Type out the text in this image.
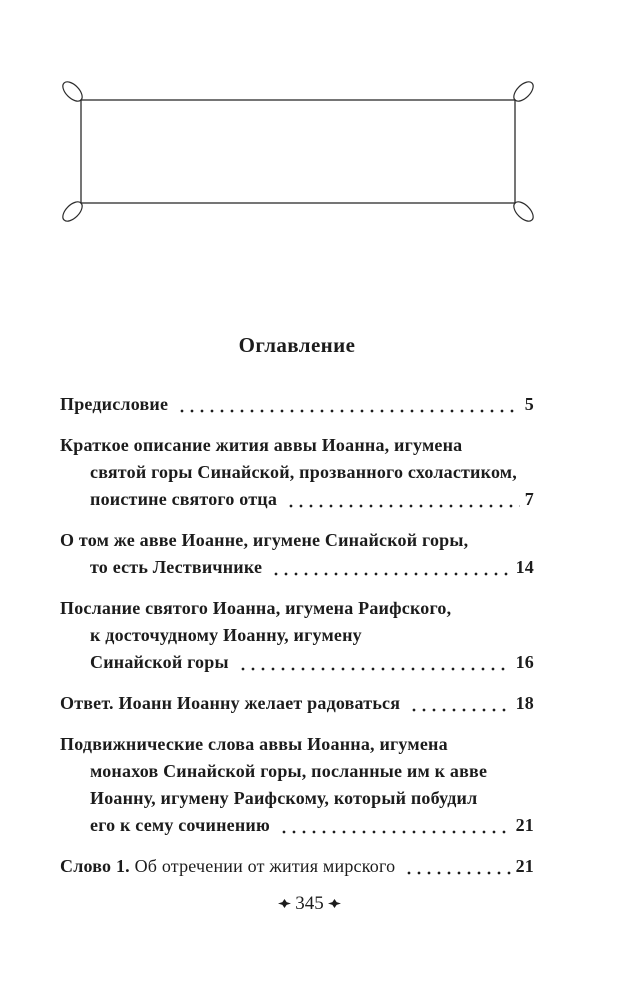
Оглавление
Предисловие	5
Краткое описание жития аввы Иоанна, игумена
святой горы Синайской, прозванного схоластиком,
поистине святого отца	7
О том же авве Иоанне, игумене Синайской горы,
то есть Лествичнике	14
Послание святого Иоанна, игумена Раифского,
к досточудному Иоанну, игумену
Синайской горы	16
Ответ. Иоанн Иоанну желает радоваться	18
Подвижнические слова аввы Иоанна, игумена
монахов Синайской горы, посланные им к авве
Иоанну, игумену Раифскому, который побудил
его к сему сочинению	21
Слово 1. Об отречении от жития мирского	21
345
